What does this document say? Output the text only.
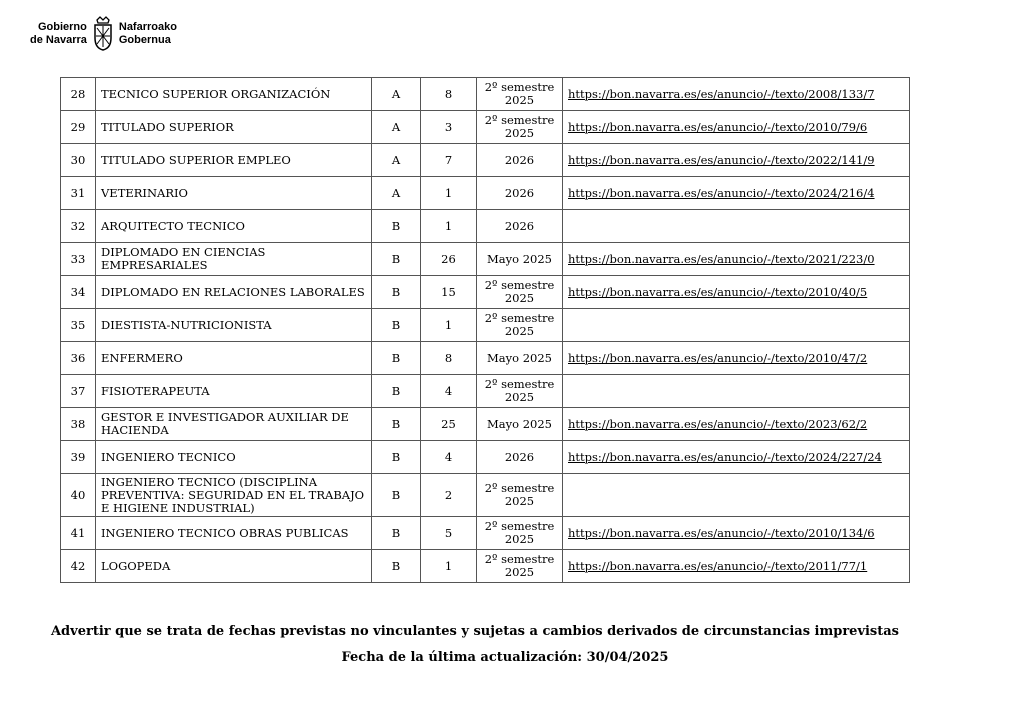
Gobierno
de Navarra
Nafarroako
Gobernua
28	TECNICO SUPERIOR ORGANIZACIÓN	A	8	2º semestre 2025	https://bon.navarra.es/es/anuncio/-/texto/2008/133/7
29	TITULADO SUPERIOR	A	3	2º semestre 2025	https://bon.navarra.es/es/anuncio/-/texto/2010/79/6
30	TITULADO SUPERIOR EMPLEO	A	7	2026	https://bon.navarra.es/es/anuncio/-/texto/2022/141/9
31	VETERINARIO	A	1	2026	https://bon.navarra.es/es/anuncio/-/texto/2024/216/4
32	ARQUITECTO TECNICO	B	1	2026	
33	DIPLOMADO EN CIENCIAS EMPRESARIALES	B	26	Mayo 2025	https://bon.navarra.es/es/anuncio/-/texto/2021/223/0
34	DIPLOMADO EN RELACIONES LABORALES	B	15	2º semestre 2025	https://bon.navarra.es/es/anuncio/-/texto/2010/40/5
35	DIESTISTA-NUTRICIONISTA	B	1	2º semestre 2025	
36	ENFERMERO	B	8	Mayo 2025	https://bon.navarra.es/es/anuncio/-/texto/2010/47/2
37	FISIOTERAPEUTA	B	4	2º semestre 2025	
38	GESTOR E INVESTIGADOR AUXILIAR DE HACIENDA	B	25	Mayo 2025	https://bon.navarra.es/es/anuncio/-/texto/2023/62/2
39	INGENIERO TECNICO	B	4	2026	https://bon.navarra.es/es/anuncio/-/texto/2024/227/24
40	INGENIERO TECNICO (DISCIPLINA PREVENTIVA: SEGURIDAD EN EL TRABAJO E HIGIENE INDUSTRIAL)	B	2	2º semestre 2025	
41	INGENIERO TECNICO OBRAS PUBLICAS	B	5	2º semestre 2025	https://bon.navarra.es/es/anuncio/-/texto/2010/134/6
42	LOGOPEDA	B	1	2º semestre 2025	https://bon.navarra.es/es/anuncio/-/texto/2011/77/1
Advertir que se trata de fechas previstas no vinculantes y sujetas a cambios derivados de circunstancias imprevistas
Fecha de la última actualización: 30/04/2025
